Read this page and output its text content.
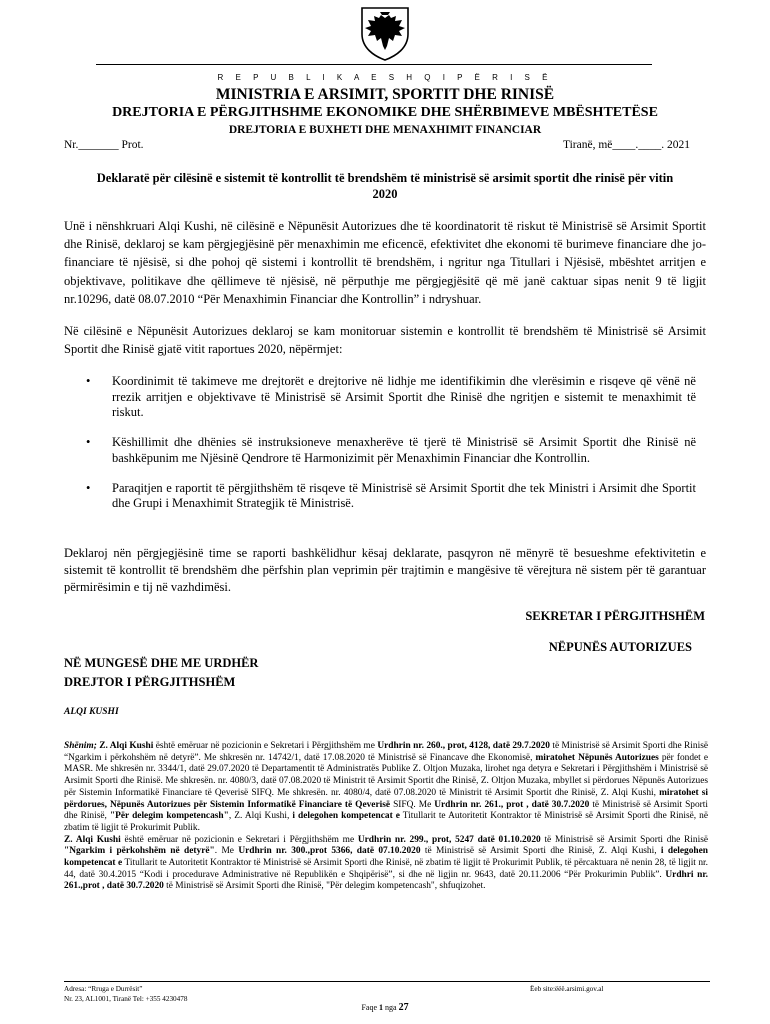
R E P U B L I K A E S H Q I P Ë R I S Ë
MINISTRIA E ARSIMIT, SPORTIT DHE RINISË
DREJTORIA E PËRGJITHSHME EKONOMIKE DHE SHËRBIMEVE MBËSHTETËSE
DREJTORIA E BUXHETI DHE MENAXHIMIT FINANCIAR
Nr._______ Prot.	Tiranë, më____.____. 2021
Deklaratë për cilësinë e sistemit të kontrollit të brendshëm të ministrisë së arsimit sportit dhe rinisë për vitin 2020
Unë i nënshkruari Alqi Kushi, në cilësinë e Nëpunësit Autorizues dhe të koordinatorit të riskut të Ministrisë së Arsimit Sportit dhe Rinisë, deklaroj se kam përgjegjësinë për menaxhimin me eficencë, efektivitet dhe ekonomi të burimeve financiare dhe jo-financiare të njësisë, si dhe pohoj që sistemi i kontrollit të brendshëm, i ngritur nga Titullari i Njësisë, mbështet arritjen e objektivave, politikave dhe qëllimeve të njësisë, në përputhje me përgjegjësitë që më janë caktuar sipas nenit 9 të ligjit nr.10296, datë 08.07.2010 “Për Menaxhimin Financiar dhe Kontrollin” i ndryshuar.
Në cilësinë e Nëpunësit Autorizues deklaroj se kam monitoruar sistemin e kontrollit të brendshëm të Ministrisë së Arsimit Sportit dhe Rinisë gjatë vitit raportues 2020, nëpërmjet:
• Koordinimit të takimeve me drejtorët e drejtorive në lidhje me identifikimin dhe vlerësimin e risqeve që vënë në rrezik arritjen e objektivave të Ministrisë së Arsimit Sportit dhe Rinisë dhe ngritjen e sistemit te menaxhimit të riskut.
• Këshillimit dhe dhënies së instruksioneve menaxherëve të tjerë të Ministrisë së Arsimit Sportit dhe Rinisë në bashkëpunim me Njësinë Qendrore të Harmonizimit për Menaxhimin Financiar dhe Kontrollin.
• Paraqitjen e raportit të përgjithshëm të risqeve të Ministrisë së Arsimit Sportit dhe tek Ministri i Arsimit dhe Sportit dhe Grupi i Menaxhimit Strategjik të Ministrisë.
Deklaroj nën përgjegjësinë time se raporti bashkëlidhur kësaj deklarate, pasqyron në mënyrë të besueshme efektivitetin e sistemit të kontrollit të brendshëm dhe përfshin plan veprimin për trajtimin e mangësive të vërejtura në sistem për të garantuar përmirësimin e tij në vazhdimësi.
SEKRETAR I PËRGJITHSHËM
NËPUNËS AUTORIZUES
NË MUNGESË DHE ME URDHËR
DREJTOR I PËRGJITHSHËM
ALQI KUSHI
Shënim; Z. Alqi Kushi është emëruar në pozicionin e Sekretari i Përgjithshëm me Urdhrin nr. 260., prot, 4128, datë 29.7.2020 të Ministrisë së Arsimit Sporti dhe Rinisë “Ngarkim i përkohshëm në detyrë”. Me shkresën nr. 14742/1, datë 17.08.2020 të Ministrisë së Financave dhe Ekonomisë, miratohet Nëpunës Autorizues për fondet e MASR. Me shkresën nr. 3344/1, datë 29.07.2020 të Departamentit të Administratës Publike Z. Oltjon Muzaka, lirohet nga detyra e Sekretari i Përgjithshëm i Ministrisë së Arsimit Sporti dhe Rinisë. Me shkresën. nr. 4080/3, datë 07.08.2020 të Ministrit të Arsimit Sportit dhe Rinisë, Z. Oltjon Muzaka, mbyllet si përdorues Nëpunës Autorizues për Sistemin Informatikë Financiare të Qeverisë SIFQ. Me shkresën. nr. 4080/4, datë 07.08.2020 të Ministrit të Arsimit Sportit dhe Rinisë, Z. Alqi Kushi, miratohet si përdorues, Nëpunës Autorizues për Sistemin Informatikë Financiare të Qeverisë SIFQ. Me Urdhrin nr. 261., prot , datë 30.7.2020 të Ministrisë së Arsimit Sporti dhe Rinisë, "Për delegim kompetencash", Z. Alqi Kushi, i delegohen kompetencat e Titullarit te Autoritetit Kontraktor të Ministrisë së Arsimit Sporti dhe Rinisë, në zbatim të ligjit të Prokurimit Publik.
Z. Alqi Kushi është emëruar në pozicionin e Sekretari i Përgjithshëm me Urdhrin nr. 299., prot, 5247 datë 01.10.2020 të Ministrisë së Arsimit Sporti dhe Rinisë "Ngarkim i përkohshëm në detyrë". Me Urdhrin nr. 300.,prot 5366, datë 07.10.2020 të Ministrisë së Arsimit Sporti dhe Rinisë, Z. Alqi Kushi, i delegohen kompetencat e Titullarit te Autoritetit Kontraktor të Ministrisë së Arsimit Sporti dhe Rinisë, në zbatim të ligjit të Prokurimit Publik, të përcaktuara në nenin 28, të ligjit nr. 44, datë 30.4.2015 “Kodi i procedurave Administrative në Republikën e Shqipërisë”, si dhe në ligjin nr. 9643, datë 20.11.2006 “Për Prokurimin Publik”. Urdhri nr. 261.,prot , datë 30.7.2020 të Ministrisë së Arsimit Sporti dhe Rinisë, "Për delegim kompetencash", shfuqizohet.
Adresa: “Rruga e Durrësit”
Nr. 23, AL1001, Tiranë Tel: +355 4230478
Ëeb site:ëëë.arsimi.gov.al
Faqe 1 nga 27
